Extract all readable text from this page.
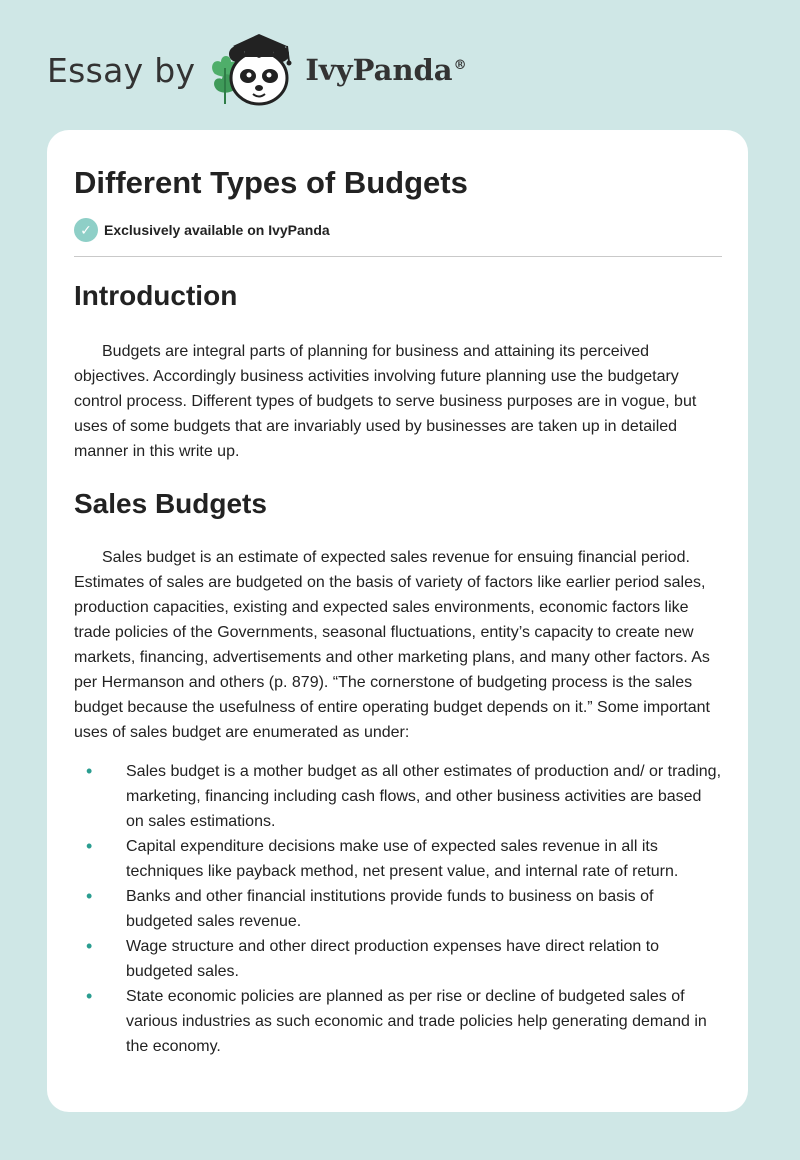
Essay by	IvyPanda®
Different Types of Budgets
✓ Exclusively available on IvyPanda
Introduction

Budgets are integral parts of planning for business and attaining its perceived objectives. Accordingly business activities involving future planning use the budgetary control process. Different types of budgets to serve business purposes are in vogue, but uses of some budgets that are invariably used by businesses are taken up in detailed manner in this write up.

Sales Budgets

Sales budget is an estimate of expected sales revenue for ensuing financial period. Estimates of sales are budgeted on the basis of variety of factors like earlier period sales, production capacities, existing and expected sales environments, economic factors like trade policies of the Governments, seasonal fluctuations, entity’s capacity to create new markets, financing, advertisements and other marketing plans, and many other factors. As per Hermanson and others (p. 879). “The cornerstone of budgeting process is the sales budget because the usefulness of entire operating budget depends on it.” Some important uses of sales budget are enumerated as under:

• Sales budget is a mother budget as all other estimates of production and/ or trading, marketing, financing including cash flows, and other business activities are based on sales estimations.
• Capital expenditure decisions make use of expected sales revenue in all its techniques like payback method, net present value, and internal rate of return.
• Banks and other financial institutions provide funds to business on basis of budgeted sales revenue.
• Wage structure and other direct production expenses have direct relation to budgeted sales.
• State economic policies are planned as per rise or decline of budgeted sales of various industries as such economic and trade policies help generating demand in the economy.
